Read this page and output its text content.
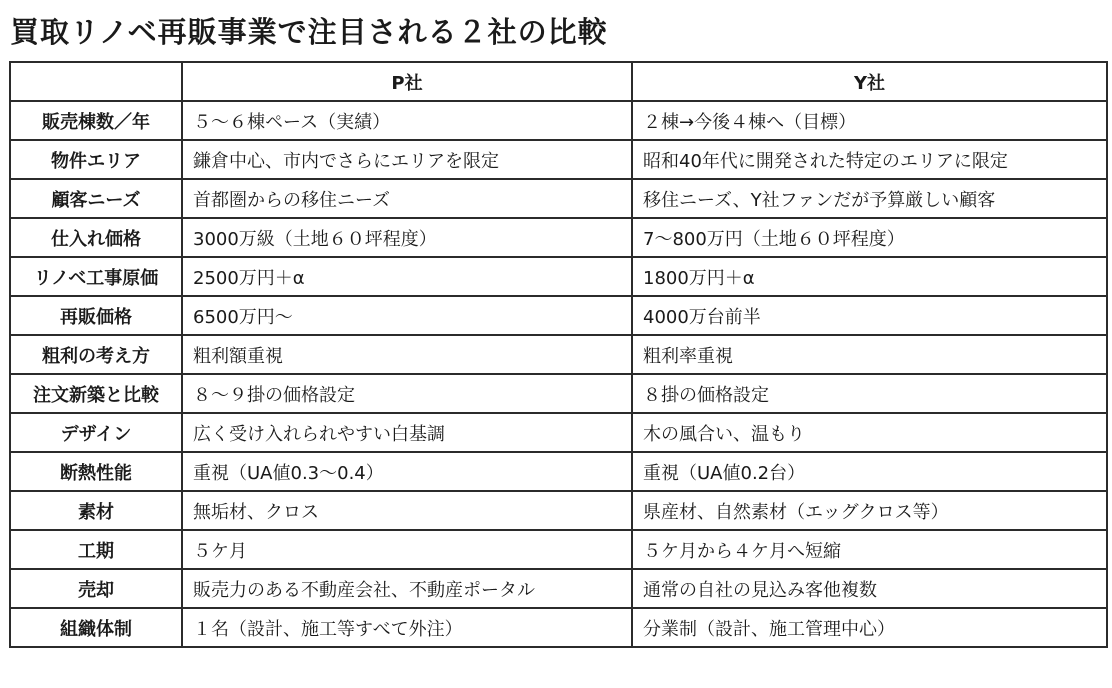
買取リノベ再販事業で注目される２社の比較
	P社	Y社
販売棟数／年	５～６棟ペース（実績）	２棟→今後４棟へ（目標）
物件エリア	鎌倉中心、市内でさらにエリアを限定	昭和40年代に開発された特定のエリアに限定
顧客ニーズ	首都圏からの移住ニーズ	移住ニーズ、Y社ファンだが予算厳しい顧客
仕入れ価格	3000万級（土地６０坪程度）	7～800万円（土地６０坪程度）
リノベ工事原価	2500万円＋α	1800万円＋α
再販価格	6500万円～	4000万台前半
粗利の考え方	粗利額重視	粗利率重視
注文新築と比較	８～９掛の価格設定	８掛の価格設定
デザイン	広く受け入れられやすい白基調	木の風合い、温もり
断熱性能	重視（UA値0.3～0.4）	重視（UA値0.2台）
素材	無垢材、クロス	県産材、自然素材（エッグクロス等）
工期	５ケ月	５ケ月から４ケ月へ短縮
売却	販売力のある不動産会社、不動産ポータル	通常の自社の見込み客他複数
組織体制	１名（設計、施工等すべて外注）	分業制（設計、施工管理中心）
